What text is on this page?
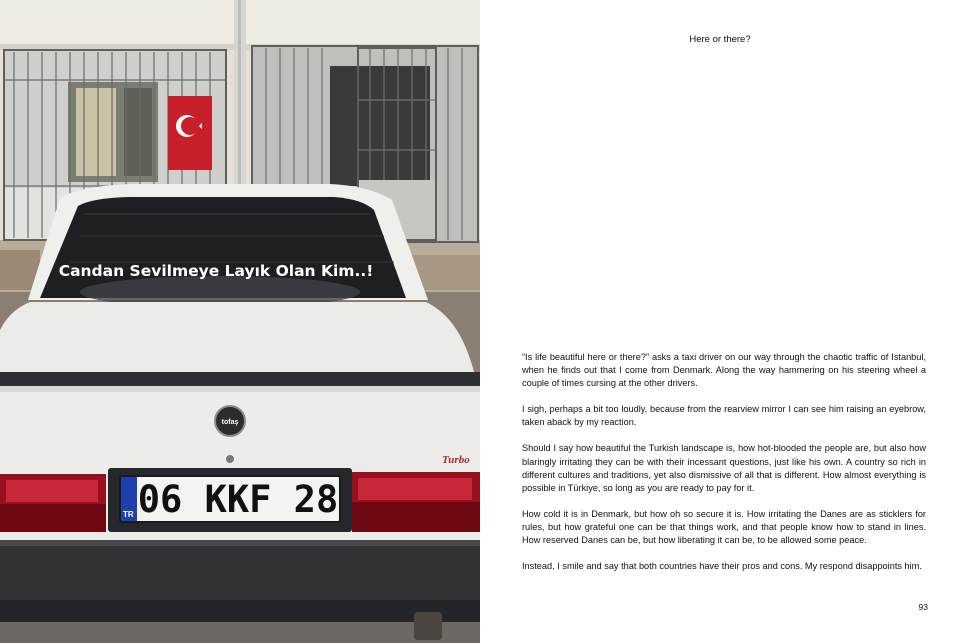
Candan Sevilmeye Layık Olan Kim..!
TR 06 KKF 28
tofaş
Turbo
Here or there?

“Is life beautiful here or there?” asks a taxi driver on our way through the chaotic traffic of Istanbul, when he finds out that I come from Denmark. Along the way hammering on his steering wheel a couple of times cursing at the other drivers.

I sigh, perhaps a bit too loudly, because from the rearview mirror I can see him raising an eyebrow, taken aback by my reaction.

Should I say how beautiful the Turkish landscape is, how hot-blooded the people are, but also how blaringly irritating they can be with their incessant questions, just like his own. A country so rich in different cultures and traditions, yet also dismissive of all that is different. How almost everything is possible in Türkiye, so long as you are ready to pay for it.

How cold it is in Denmark, but how oh so secure it is. How irritating the Danes are as sticklers for rules, but how grateful one can be that things work, and that people know how to stand in lines. How reserved Danes can be, but how liberating it can be, to be allowed some peace.

Instead, I smile and say that both countries have their pros and cons. My respond disappoints him.

93
